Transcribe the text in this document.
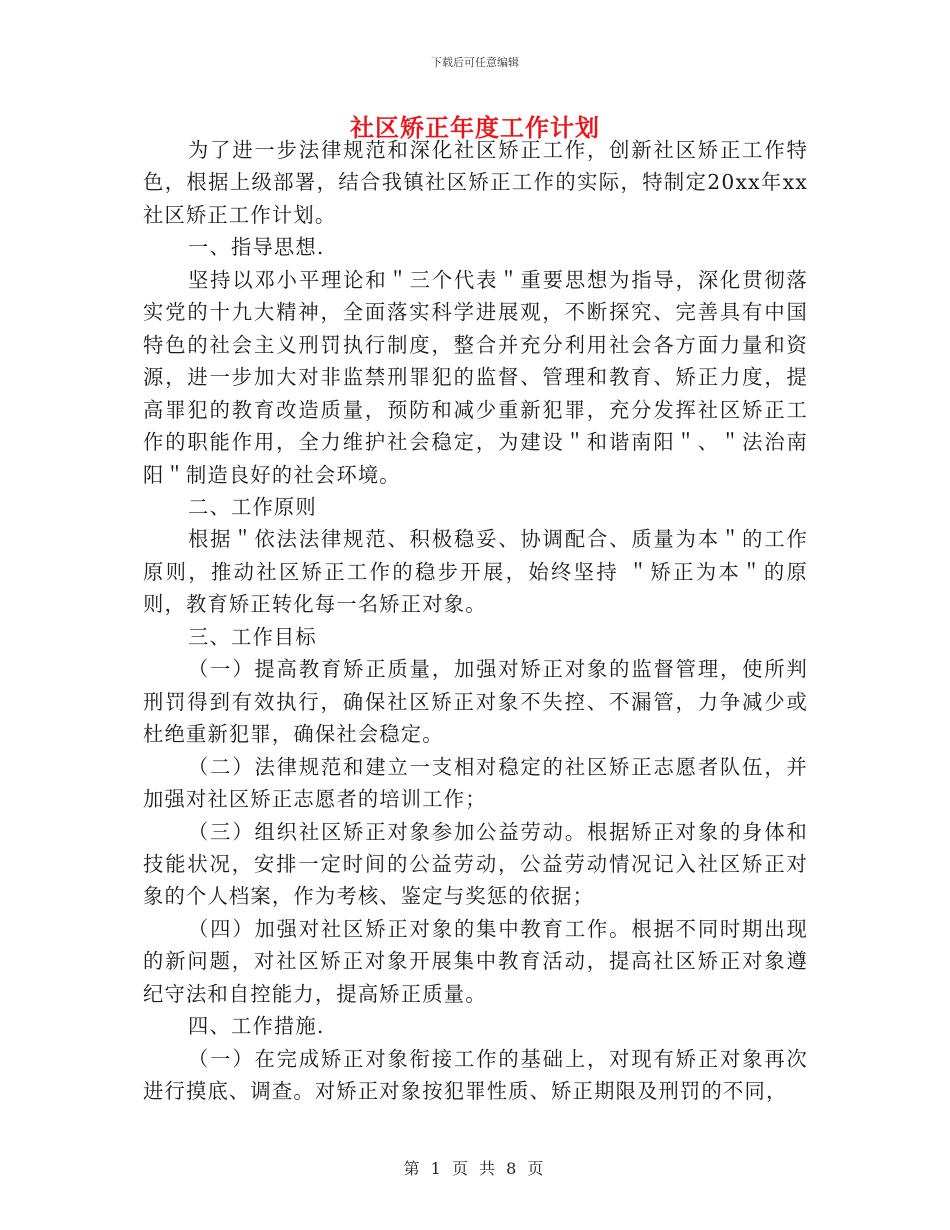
下载后可任意编辑
社区矫正年度工作计划

为了进一步法律规范和深化社区矫正工作，创新社区矫正工作特色，根据上级部署，结合我镇社区矫正工作的实际，特制定20xx年xx社区矫正工作计划。

一、指导思想.

坚持以邓小平理论和＂三个代表＂重要思想为指导，深化贯彻落实党的十九大精神，全面落实科学进展观，不断探究、完善具有中国特色的社会主义刑罚执行制度，整合并充分利用社会各方面力量和资源，进一步加大对非监禁刑罪犯的监督、管理和教育、矫正力度，提高罪犯的教育改造质量，预防和减少重新犯罪，充分发挥社区矫正工作的职能作用，全力维护社会稳定，为建设＂和谐南阳＂、＂法治南阳＂制造良好的社会环境。

二、工作原则

根据＂依法法律规范、积极稳妥、协调配合、质量为本＂的工作原则，推动社区矫正工作的稳步开展，始终坚持 ＂矫正为本＂的原则，教育矫正转化每一名矫正对象。

三、工作目标

（一）提高教育矫正质量，加强对矫正对象的监督管理，使所判刑罚得到有效执行，确保社区矫正对象不失控、不漏管，力争减少或杜绝重新犯罪，确保社会稳定。

（二）法律规范和建立一支相对稳定的社区矫正志愿者队伍，并加强对社区矫正志愿者的培训工作；

（三）组织社区矫正对象参加公益劳动。根据矫正对象的身体和技能状况，安排一定时间的公益劳动，公益劳动情况记入社区矫正对象的个人档案，作为考核、鉴定与奖惩的依据；

（四）加强对社区矫正对象的集中教育工作。根据不同时期出现的新问题，对社区矫正对象开展集中教育活动，提高社区矫正对象遵纪守法和自控能力，提高矫正质量。

四、工作措施.

（一）在完成矫正对象衔接工作的基础上，对现有矫正对象再次进行摸底、调查。对矫正对象按犯罪性质、矫正期限及刑罚的不同，

第 1 页 共 8 页
